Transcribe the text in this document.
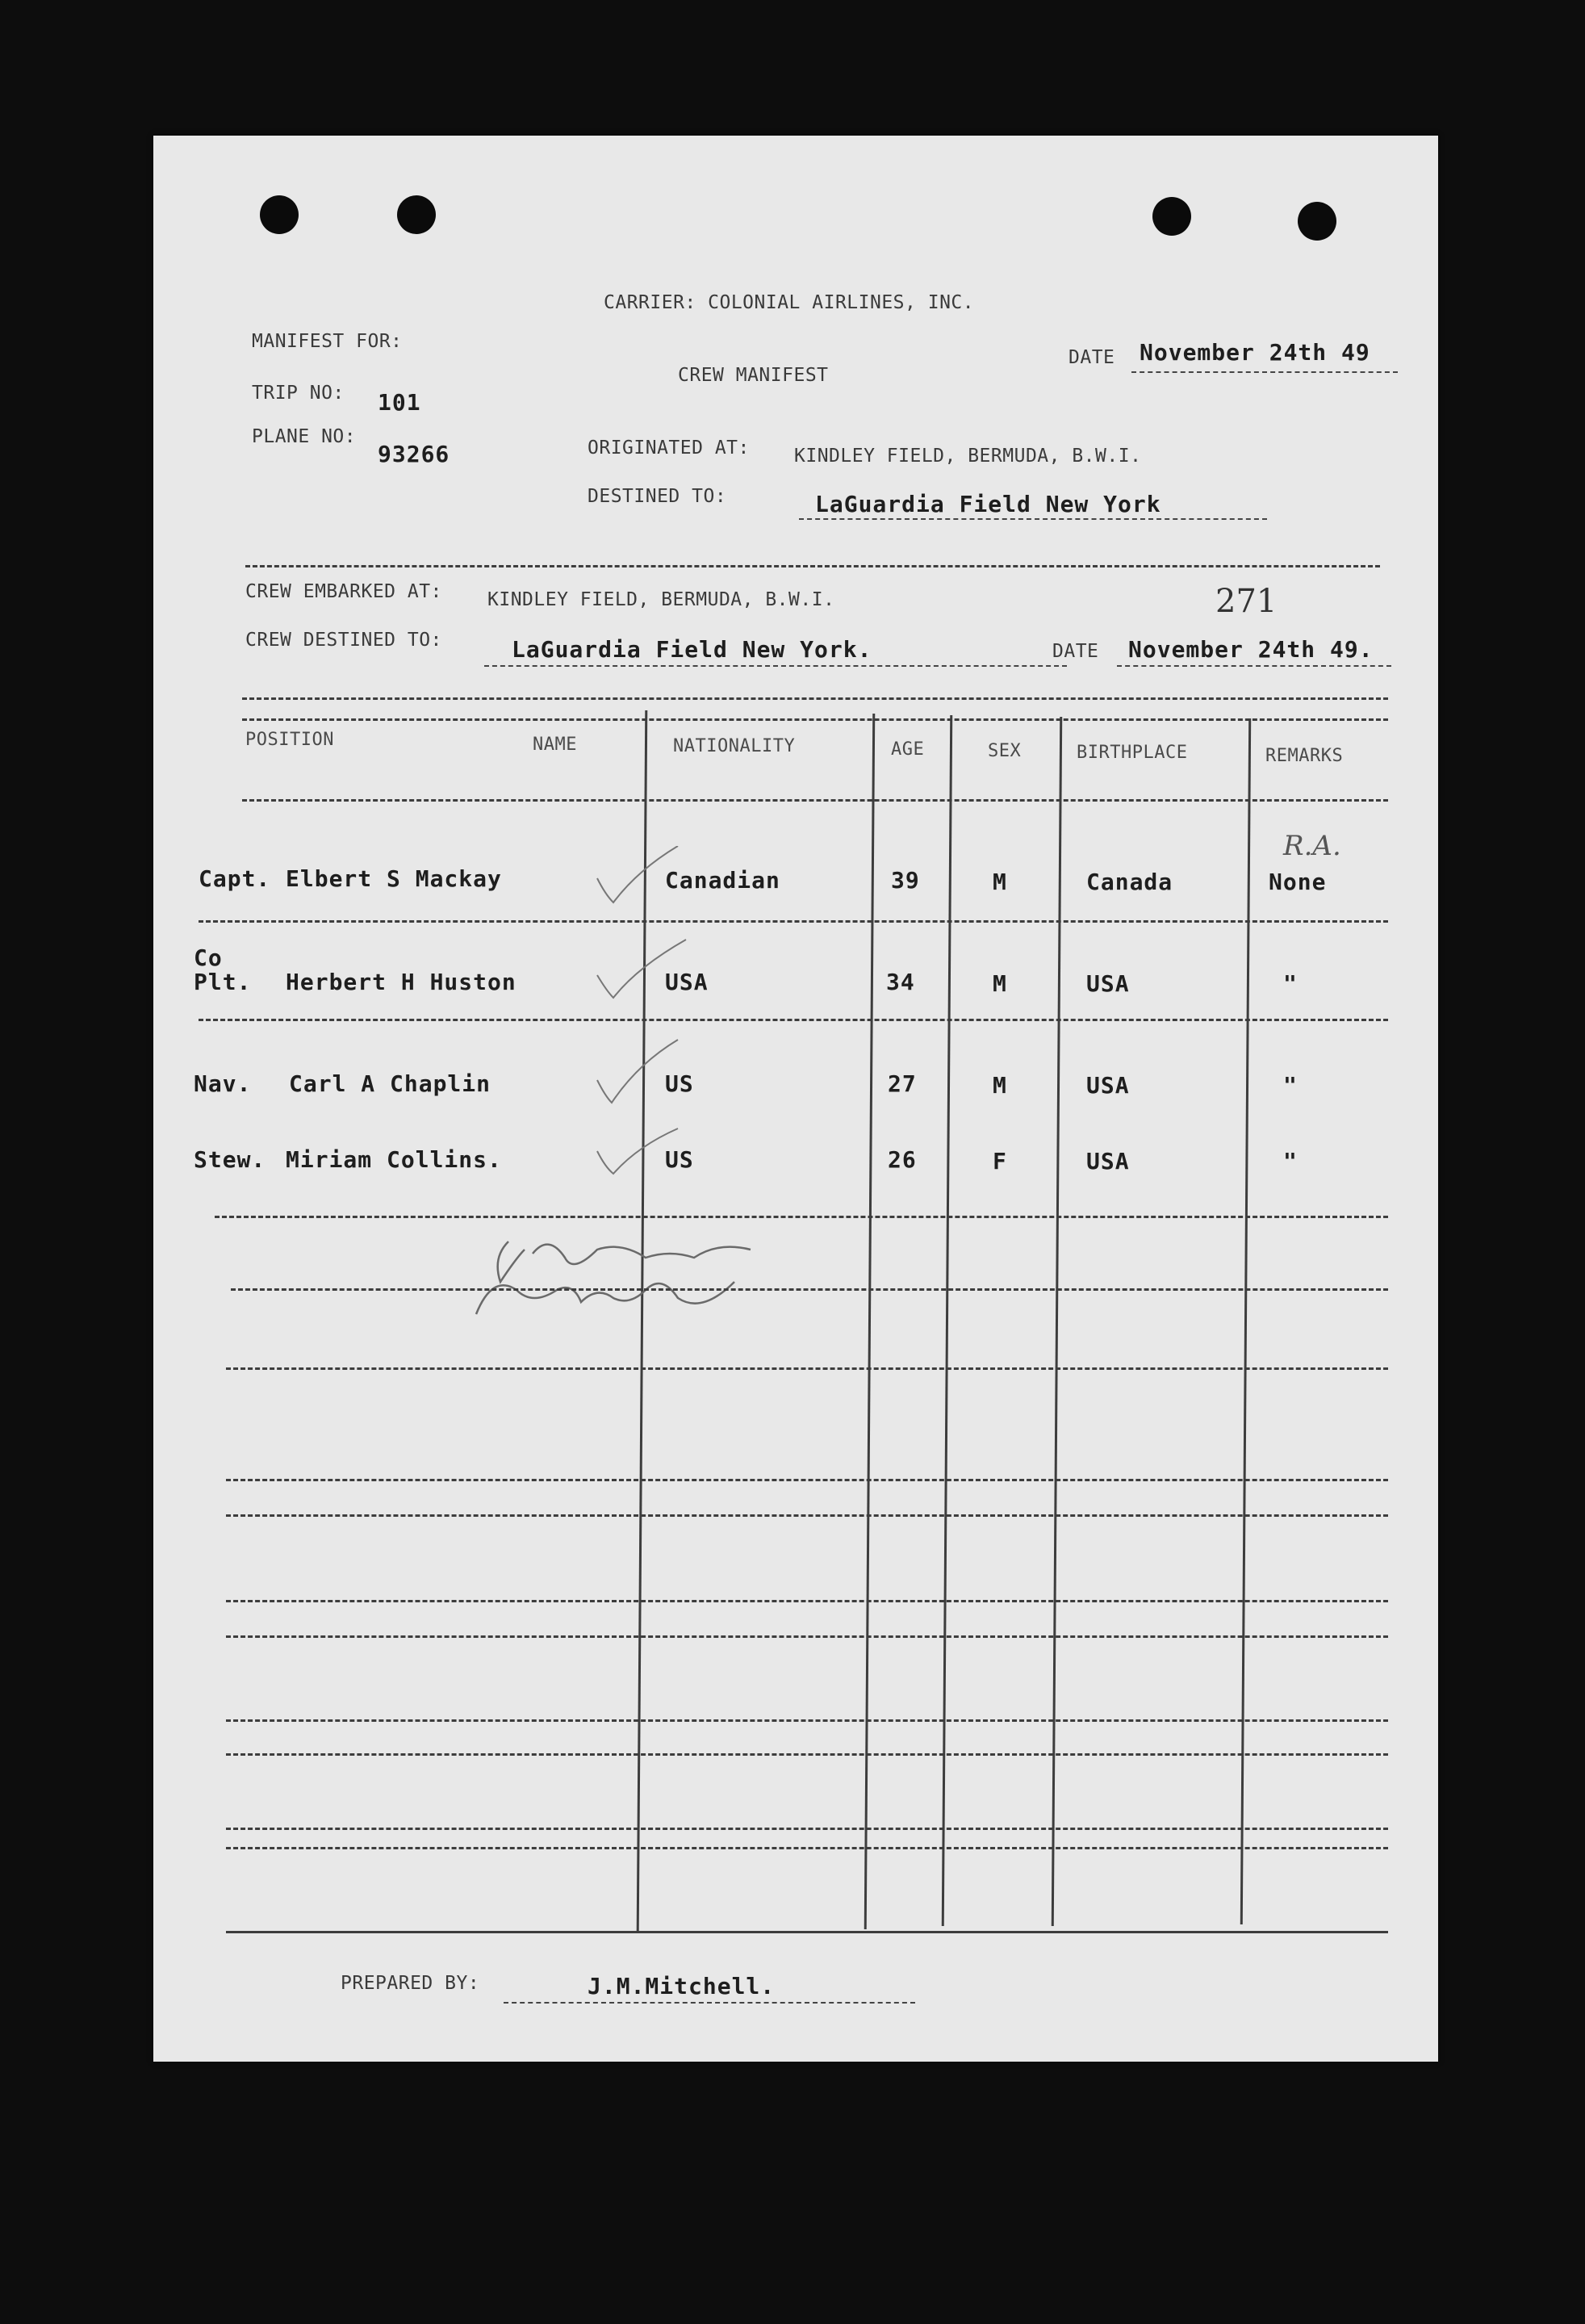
CARRIER: COLONIAL AIRLINES, INC.
MANIFEST FOR:
CREW MANIFEST
DATE November 24th 49
TRIP NO: 101
PLANE NO:
93266	ORIGINATED AT: KINDLEY FIELD, BERMUDA, B.W.I.
DESTINED TO:	LaGuardia Field New York
CREW EMBARKED AT: KINDLEY FIELD, BERMUDA, B.W.I.	271
CREW DESTINED TO:	LaGuardia Field New York.	DATE November 24th 49.
POSITION	NAME	NATIONALITY	AGE	SEX	BIRTHPLACE	REMARKS
Capt. Elbert S Mackay	Canadian	39	M	Canada	None
R.A.
Co Plt.	Herbert H Huston	USA	34	M	USA	"
Nav. Carl A Chaplin	US	27	M	USA	"
Stew. Miriam Collins.	US	26	F	USA	"
PREPARED BY:	J.M.Mitchell.
